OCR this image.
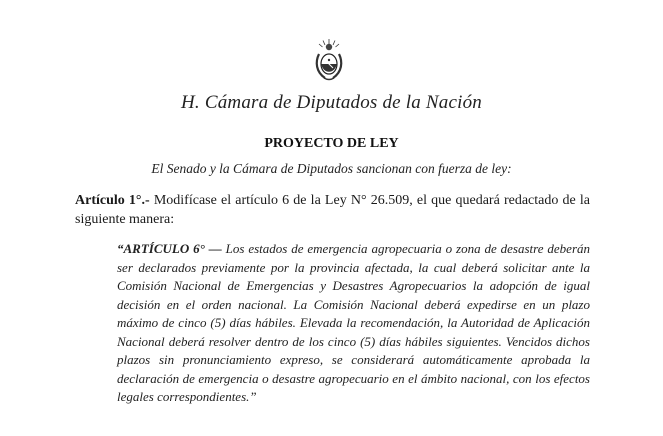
H. Cámara de Diputados de la Nación
PROYECTO DE LEY
El Senado y la Cámara de Diputados sancionan con fuerza de ley:
Artículo 1°.- Modifícase el artículo 6 de la Ley N° 26.509, el que quedará redactado de la siguiente manera:
“ARTÍCULO 6° — Los estados de emergencia agropecuaria o zona de desastre deberán ser declarados previamente por la provincia afectada, la cual deberá solicitar ante la Comisión Nacional de Emergencias y Desastres Agropecuarios la adopción de igual decisión en el orden nacional. La Comisión Nacional deberá expedirse en un plazo máximo de cinco (5) días hábiles. Elevada la recomendación, la Autoridad de Aplicación Nacional deberá resolver dentro de los cinco (5) días hábiles siguientes. Vencidos dichos plazos sin pronunciamiento expreso, se considerará automáticamente aprobada la declaración de emergencia o desastre agropecuario en el ámbito nacional, con los efectos legales correspondientes.”
